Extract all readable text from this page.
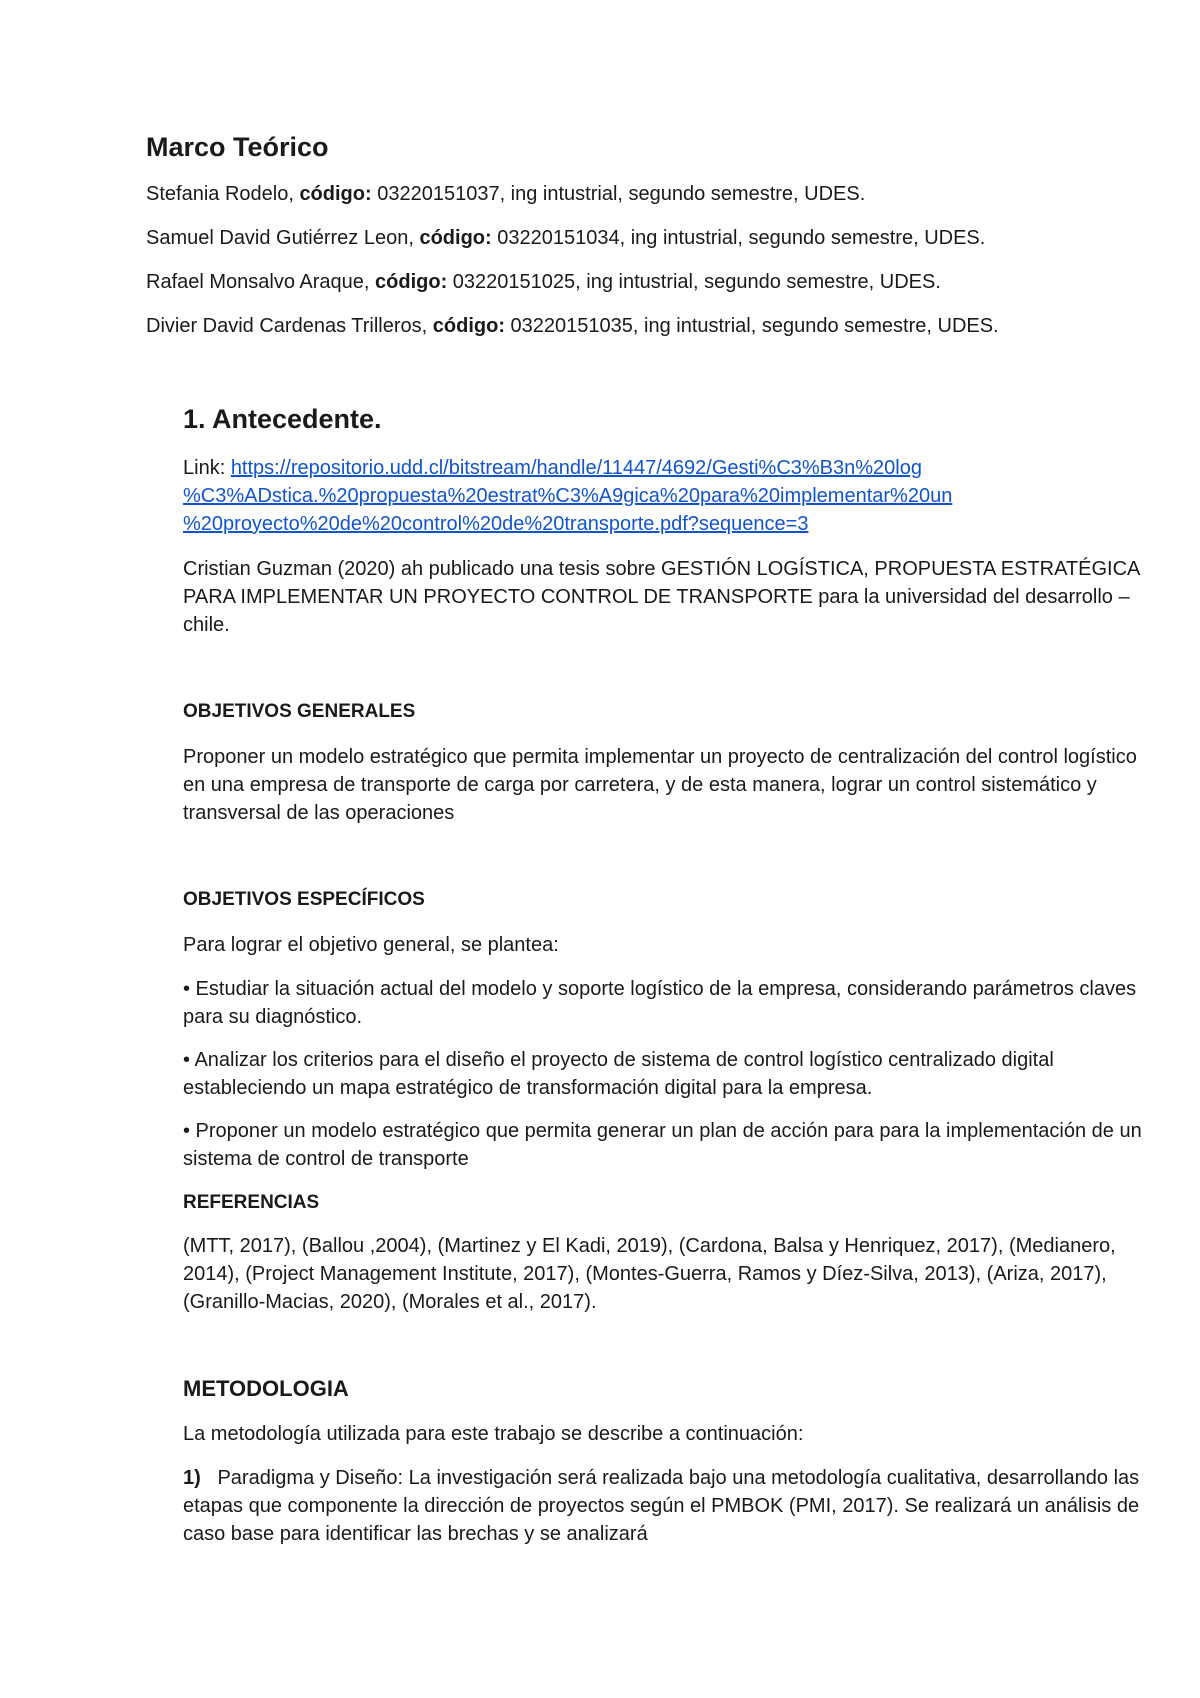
Marco Teórico

Stefania Rodelo, código: 03220151037, ing intustrial, segundo semestre, UDES.

Samuel David Gutiérrez Leon, código: 03220151034, ing intustrial, segundo semestre, UDES.

Rafael Monsalvo Araque, código: 03220151025, ing intustrial, segundo semestre, UDES.

Divier David Cardenas Trilleros, código: 03220151035, ing intustrial, segundo semestre, UDES.

1. Antecedente.

Link: https://repositorio.udd.cl/bitstream/handle/11447/4692/Gesti%C3%B3n%20log
%C3%ADstica.%20propuesta%20estrat%C3%A9gica%20para%20implementar%20un
%20proyecto%20de%20control%20de%20transporte.pdf?sequence=3

Cristian Guzman (2020) ah publicado una tesis sobre GESTIÓN LOGÍSTICA, PROPUESTA ESTRATÉGICA PARA IMPLEMENTAR UN PROYECTO CONTROL DE TRANSPORTE para la universidad del desarrollo – chile.

OBJETIVOS GENERALES

Proponer un modelo estratégico que permita implementar un proyecto de centralización del control logístico en una empresa de transporte de carga por carretera, y de esta manera, lograr un control sistemático y transversal de las operaciones

OBJETIVOS ESPECÍFICOS

Para lograr el objetivo general, se plantea:

• Estudiar la situación actual del modelo y soporte logístico de la empresa, considerando parámetros claves para su diagnóstico.

• Analizar los criterios para el diseño el proyecto de sistema de control logístico centralizado digital estableciendo un mapa estratégico de transformación digital para la empresa.

• Proponer un modelo estratégico que permita generar un plan de acción para para la implementación de un sistema de control de transporte

REFERENCIAS

(MTT, 2017), (Ballou ,2004), (Martinez y El Kadi, 2019), (Cardona, Balsa y Henriquez, 2017), (Medianero, 2014), (Project Management Institute, 2017), (Montes-Guerra, Ramos y Díez-Silva, 2013), (Ariza, 2017), (Granillo-Macias, 2020), (Morales et al., 2017).

METODOLOGIA

La metodología utilizada para este trabajo se describe a continuación:

1) Paradigma y Diseño: La investigación será realizada bajo una metodología cualitativa, desarrollando las etapas que componente la dirección de proyectos según el PMBOK (PMI, 2017). Se realizará un análisis de caso base para identificar las brechas y se analizará
